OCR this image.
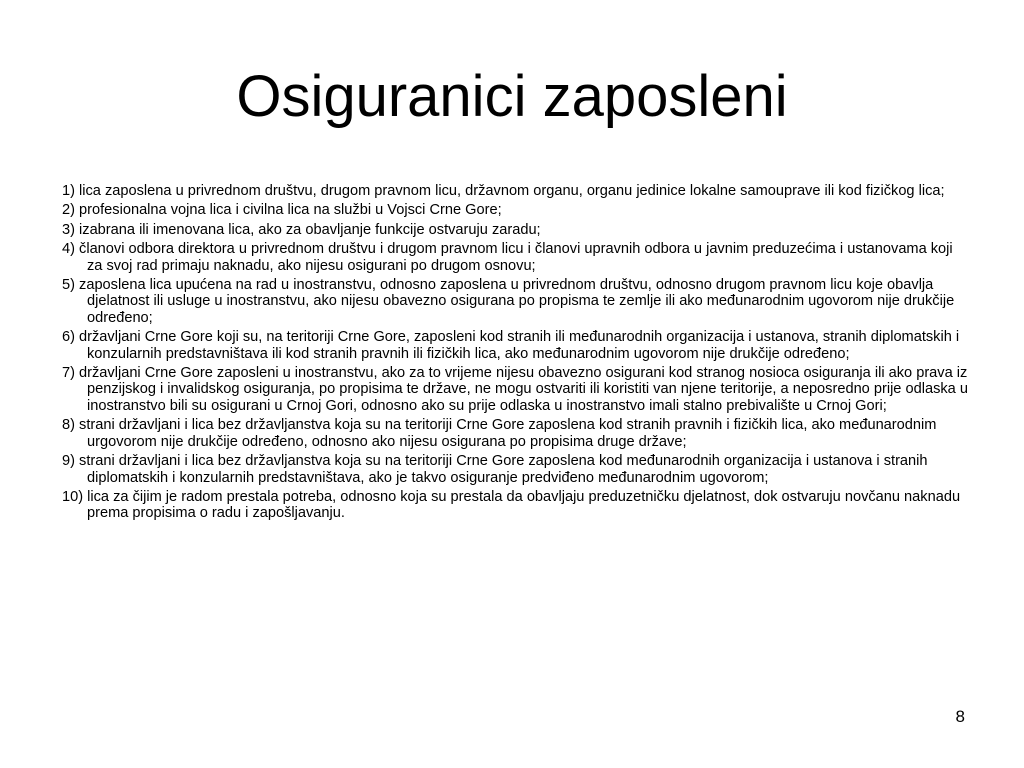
Osiguranici zaposleni
1) lica zaposlena u privrednom društvu, drugom pravnom licu, državnom organu, organu jedinice lokalne samouprave ili kod fizičkog lica;
2) profesionalna vojna lica i civilna lica na službi u Vojsci Crne Gore;
3) izabrana ili imenovana lica, ako za obavljanje funkcije ostvaruju zaradu;
4) članovi odbora direktora u privrednom društvu i drugom pravnom licu i članovi upravnih odbora u javnim preduzećima i ustanovama koji za svoj rad primaju naknadu, ako nijesu osigurani po drugom osnovu;
5) zaposlena lica upućena na rad u inostranstvu, odnosno zaposlena u privrednom društvu, odnosno drugom pravnom licu koje obavlja djelatnost ili usluge u inostranstvu, ako nijesu obavezno osigurana po propisma te zemlje ili ako međunarodnim ugovorom nije drukčije određeno;
6) državljani Crne Gore koji su, na teritoriji Crne Gore, zaposleni kod stranih ili međunarodnih organizacija i ustanova, stranih diplomatskih i konzularnih predstavništava ili kod stranih pravnih ili fizičkih lica, ako međunarodnim ugovorom nije drukčije određeno;
7) državljani Crne Gore zaposleni u inostranstvu, ako za to vrijeme nijesu obavezno osigurani kod stranog nosioca osiguranja ili ako prava iz penzijskog i invalidskog osiguranja, po propisima te države, ne mogu ostvariti ili koristiti van njene teritorije, a neposredno prije odlaska u inostranstvo bili su osigurani u Crnoj Gori, odnosno ako su prije odlaska u inostranstvo imali stalno prebivalište u Crnoj Gori;
8) strani državljani i lica bez državljanstva koja su na teritoriji Crne Gore zaposlena kod stranih pravnih i fizičkih lica, ako međunarodnim urgovorom nije drukčije određeno, odnosno ako nijesu osigurana po propisima druge države;
9) strani državljani i lica bez državljanstva koja su na teritoriji Crne Gore zaposlena kod međunarodnih organizacija i ustanova i stranih diplomatskih i konzularnih predstavništava, ako je takvo osiguranje predviđeno međunarodnim ugovorom;
10) lica za čijim je radom prestala potreba, odnosno koja su prestala da obavljaju preduzetničku djelatnost, dok ostvaruju novčanu naknadu prema propisima o radu i zapošljavanju.
8
